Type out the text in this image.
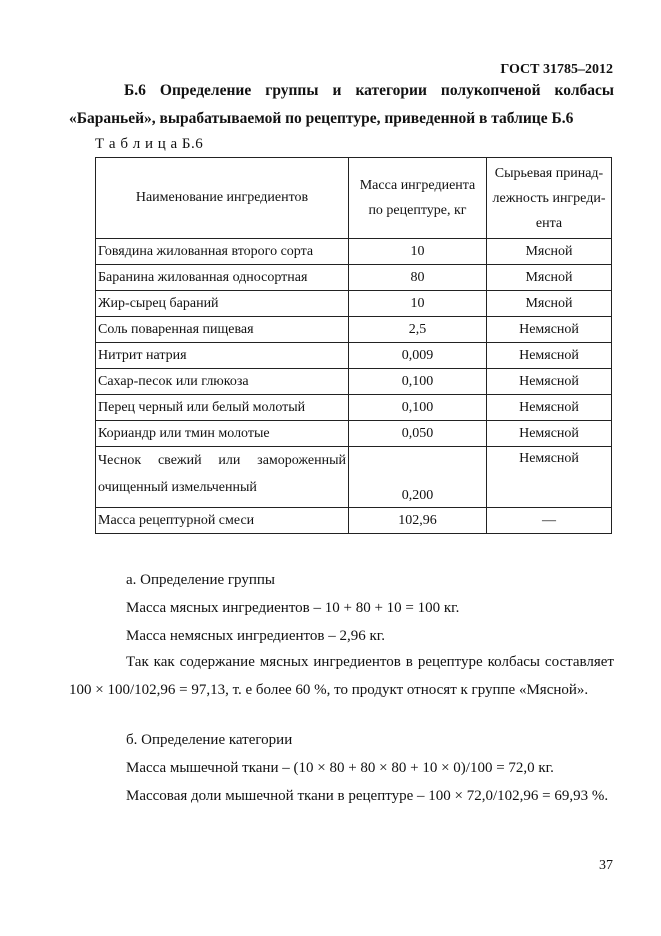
ГОСТ 31785–2012
Б.6 Определение группы и категории полукопченой колбасы «Бараньей», вырабатываемой по рецептуре, приведенной в таблице Б.6
Т а б л и ц а Б.6
Наименование ингредиентов	Масса ингредиента по рецептуре, кг	Сырьевая принад-лежность ингреди-ента
Говядина жилованная второго сорта	10	Мясной
Баранина жилованная односортная	80	Мясной
Жир-сырец бараний	10	Мясной
Соль поваренная пищевая	2,5	Немясной
Нитрит натрия	0,009	Немясной
Сахар-песок или глюкоза	0,100	Немясной
Перец черный или белый молотый	0,100	Немясной
Кориандр или тмин молотые	0,050	Немясной
Чеснок свежий или замороженный очищенный измельченный	0,200	Немясной
Масса рецептурной смеси	102,96	—
а. Определение группы
Масса мясных ингредиентов – 10 + 80 + 10 = 100 кг.
Масса немясных ингредиентов – 2,96 кг.
Так как содержание мясных ингредиентов в рецептуре колбасы составляет 100 × 100/102,96 = 97,13, т. е более 60 %, то продукт относят к группе «Мясной».
б. Определение категории
Масса мышечной ткани – (10 × 80 + 80 × 80 + 10 × 0)/100 = 72,0 кг.
Массовая доли мышечной ткани в рецептуре – 100 × 72,0/102,96 = 69,93 %.
37
